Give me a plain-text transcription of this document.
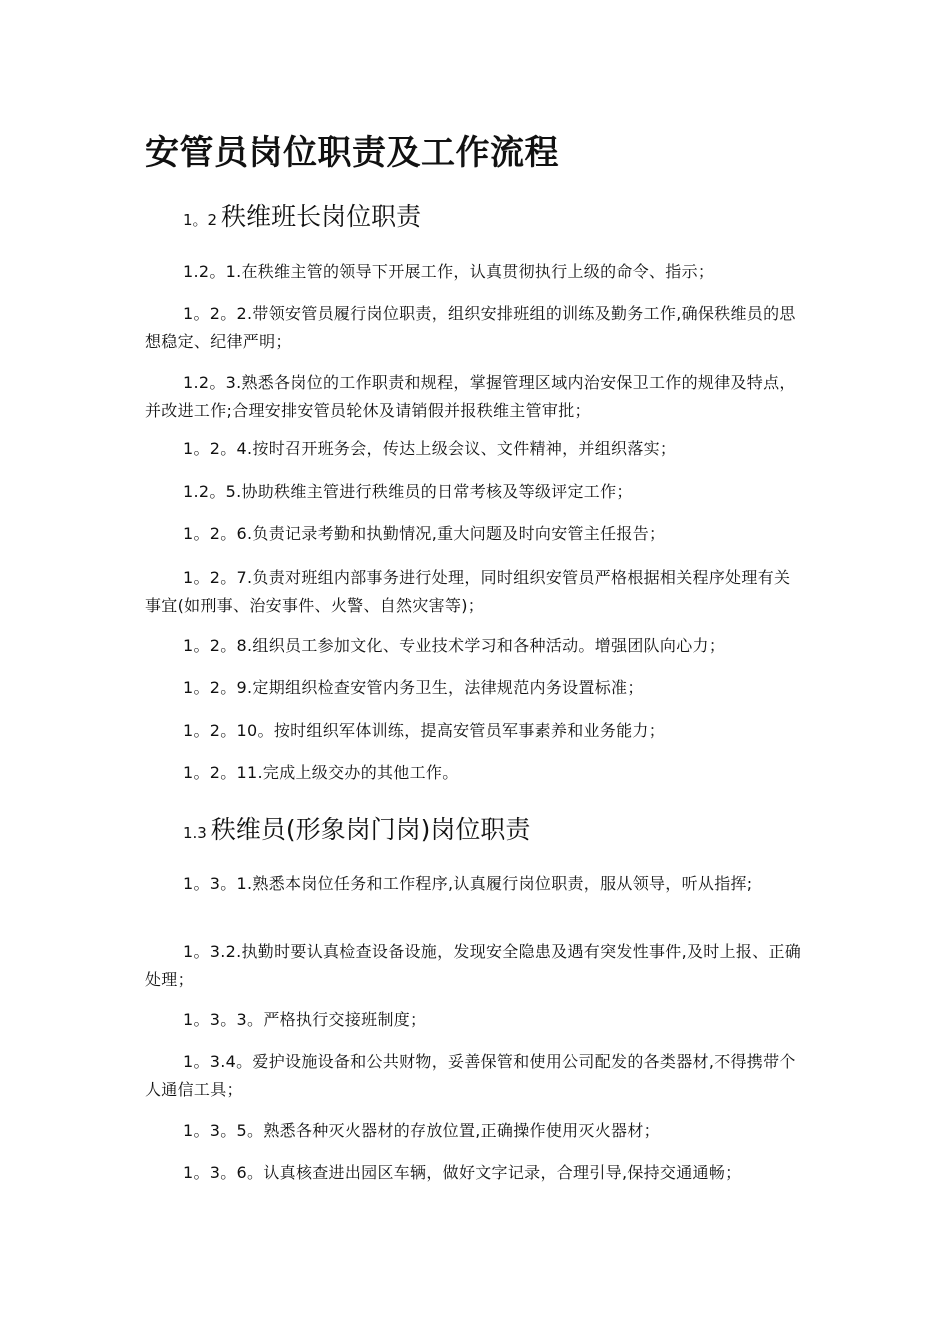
安管员岗位职责及工作流程
1。2 秩维班长岗位职责

1.2。1.在秩维主管的领导下开展工作，认真贯彻执行上级的命令、指示；

1。2。2.带领安管员履行岗位职责，组织安排班组的训练及勤务工作,确保秩维员的思想稳定、纪律严明；

1.2。3.熟悉各岗位的工作职责和规程，掌握管理区域内治安保卫工作的规律及特点，并改进工作;合理安排安管员轮休及请销假并报秩维主管审批；

1。2。4.按时召开班务会，传达上级会议、文件精神，并组织落实；

1.2。5.协助秩维主管进行秩维员的日常考核及等级评定工作；

1。2。6.负责记录考勤和执勤情况,重大问题及时向安管主任报告；

1。2。7.负责对班组内部事务进行处理，同时组织安管员严格根据相关程序处理有关事宜(如刑事、治安事件、火警、自然灾害等)；

1。2。8.组织员工参加文化、专业技术学习和各种活动。增强团队向心力；

1。2。9.定期组织检查安管内务卫生，法律规范内务设置标准；

1。2。10。按时组织军体训练，提高安管员军事素养和业务能力；

1。2。11.完成上级交办的其他工作。

1.3 秩维员(形象岗门岗)岗位职责

1。3。1.熟悉本岗位任务和工作程序,认真履行岗位职责，服从领导，听从指挥;

1。3.2.执勤时要认真检查设备设施，发现安全隐患及遇有突发性事件,及时上报、正确处理；

1。3。3。严格执行交接班制度；

1。3.4。爱护设施设备和公共财物，妥善保管和使用公司配发的各类器材,不得携带个人通信工具；

1。3。5。熟悉各种灭火器材的存放位置,正确操作使用灭火器材；

1。3。6。认真核查进出园区车辆，做好文字记录，合理引导,保持交通通畅；
